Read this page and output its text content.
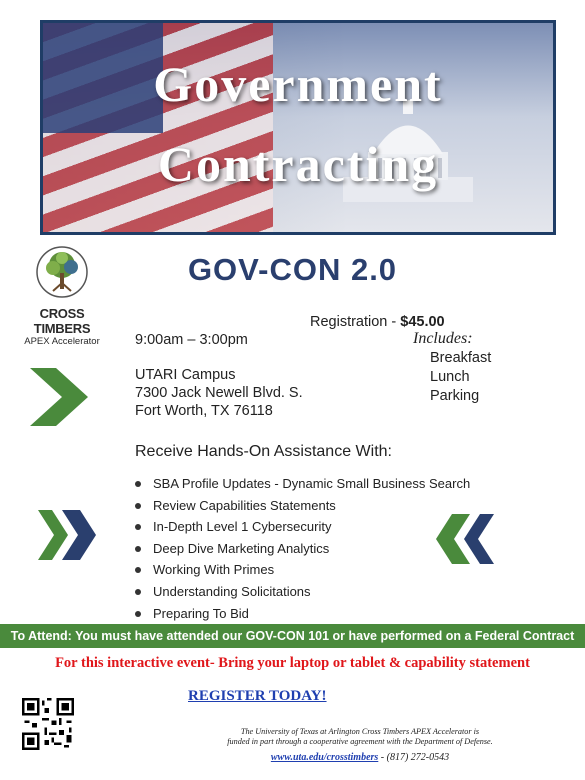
Government
Contracting
CROSS TIMBERS
APEX Accelerator
GOV-CON 2.0
Registration - $45.00
9:00am – 3:00pm	Includes:
Breakfast
Lunch
Parking
UTARI Campus
7300 Jack Newell Blvd. S.
Fort Worth, TX 76118
Receive Hands-On Assistance With:
SBA Profile Updates - Dynamic Small Business Search
Review Capabilities Statements
In-Depth Level 1 Cybersecurity
Deep Dive Marketing Analytics
Working With Primes
Understanding Solicitations
Preparing To Bid
To Attend: You must have attended our GOV-CON 101 or have performed on a Federal Contract
For this interactive event- Bring your laptop or tablet & capability statement
REGISTER TODAY!
The University of Texas at Arlington Cross Timbers APEX Accelerator is
funded in part through a cooperative agreement with the Department of Defense.
www.uta.edu/crosstimbers - (817) 272-0543
